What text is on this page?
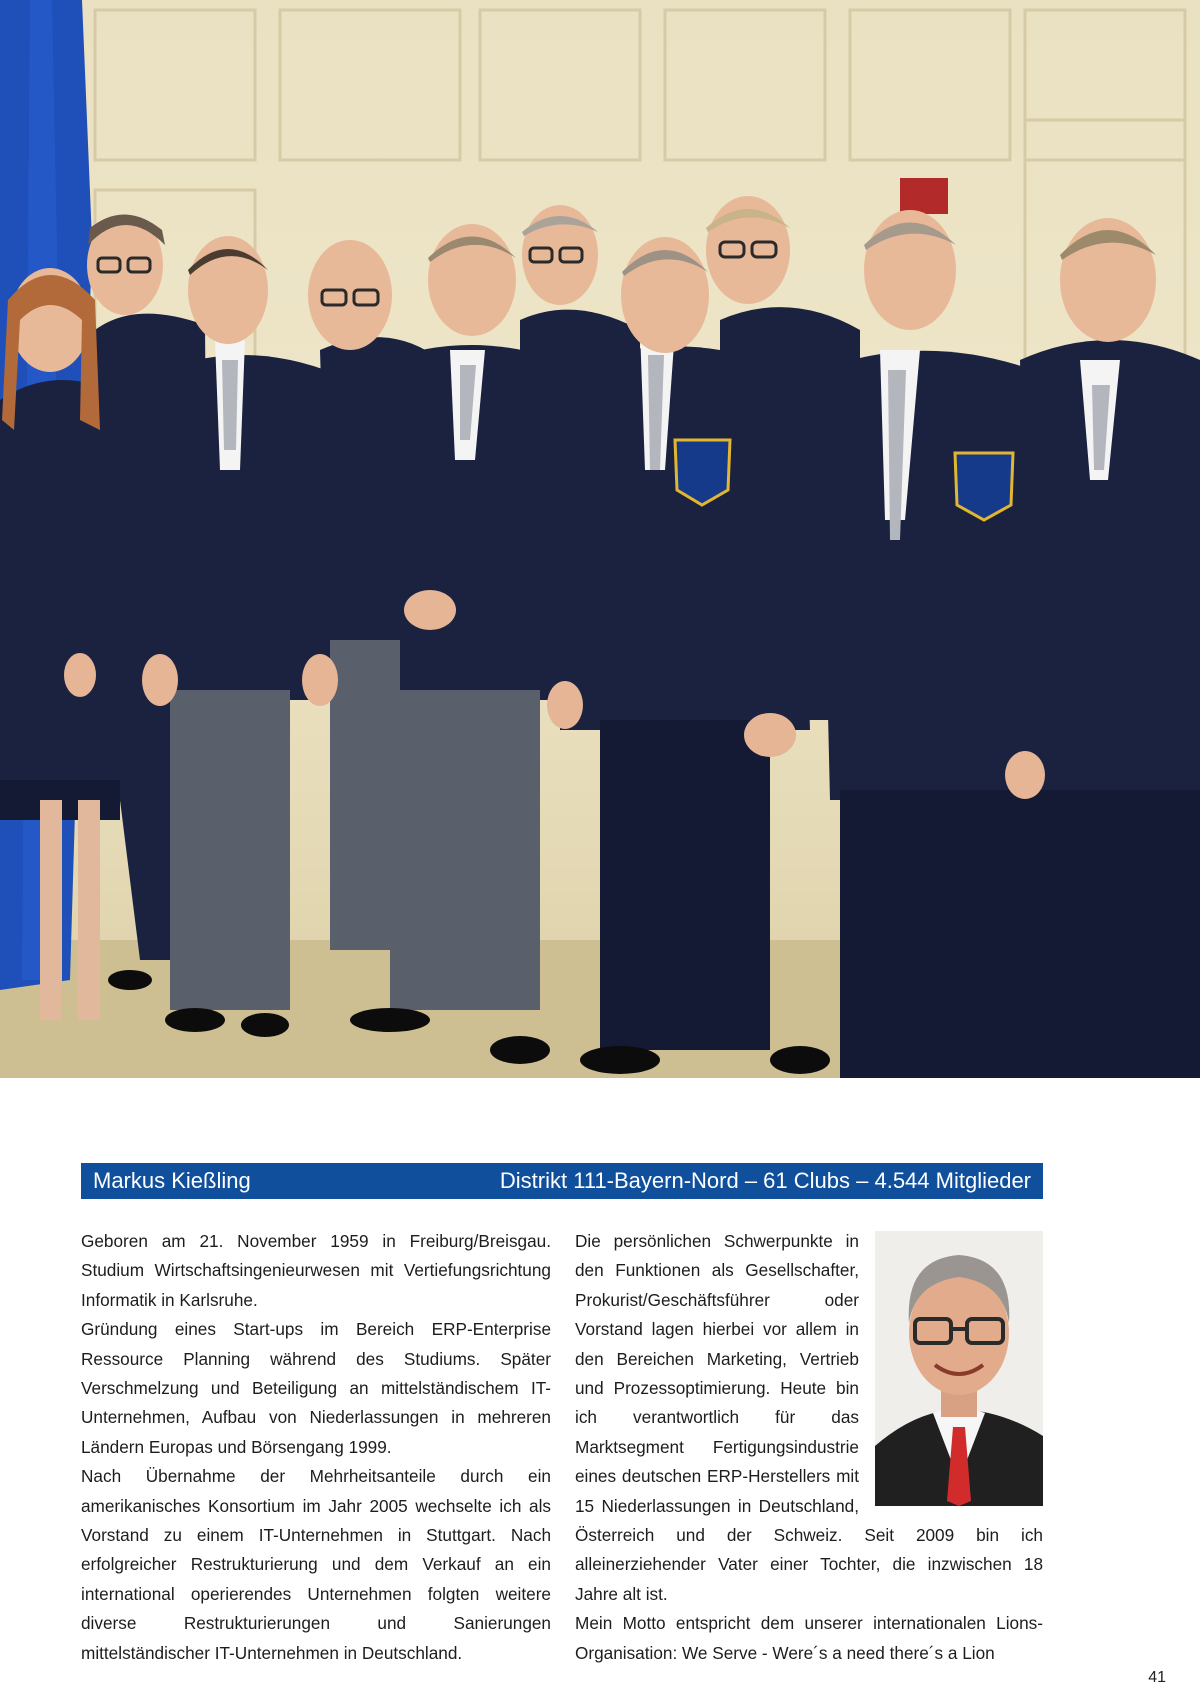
Markus Kießling	Distrikt 111-Bayern-Nord – 61 Clubs – 4.544 Mitglieder

Geboren am 21. November 1959 in Freiburg/Breisgau. Studium Wirtschaftsingenieurwesen mit Vertiefungsrichtung Informatik in Karlsruhe.

Gründung eines Start-ups im Bereich ERP-Enterprise Ressource Planning während des Studiums. Später Verschmelzung und Beteiligung an mittelständischem IT-Unternehmen, Aufbau von Niederlassungen in mehreren Ländern Europas und Börsengang 1999.

Nach Übernahme der Mehrheitsanteile durch ein amerikanisches Konsortium im Jahr 2005 wechselte ich als Vorstand zu einem IT-Unternehmen in Stuttgart. Nach erfolgreicher Restrukturierung und dem Verkauf an ein international operierendes Unternehmen folgten weitere diverse Restrukturierungen und Sanierungen mittelständischer IT-Unternehmen in Deutschland.

Die persönlichen Schwerpunkte in den Funktionen als Gesellschafter, Prokurist/Geschäftsführer oder Vorstand lagen hierbei vor allem in den Bereichen Marketing, Vertrieb und Prozessoptimierung. Heute bin ich verantwortlich für das Marktsegment Fertigungsindustrie eines deutschen ERP-Herstellers mit 15 Niederlassungen in Deutschland, Österreich und der Schweiz. Seit 2009 bin ich alleinerziehender Vater einer Tochter, die inzwischen 18 Jahre alt ist.

Mein Motto entspricht dem unserer internationalen Lions-Organisation: We Serve - Were´s a need there´s a Lion

41
